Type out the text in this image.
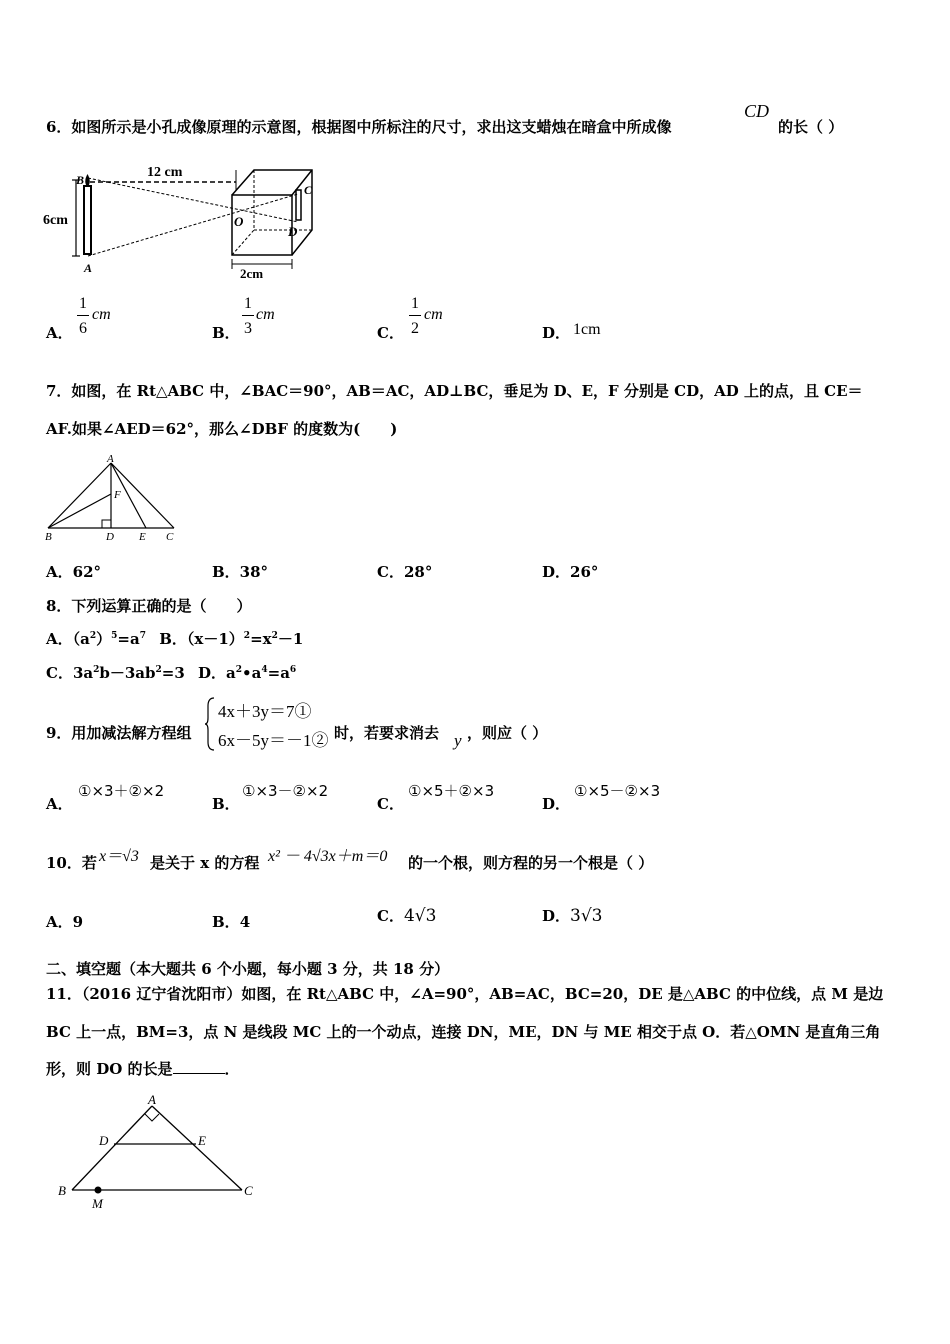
6．如图所示是小孔成像原理的示意图，根据图中所标注的尺寸，求出这支蜡烛在暗盒中所成像
CD
的长（ ）
12 cm
6cm
2cm
B
A
O
D
C
A．
1
6
cm
B．
1
3
cm
C．
1
2
cm
D． 1cm
7．如图，在 Rt△ABC 中，∠BAC＝90°，AB＝AC，AD⊥BC，垂足为 D、E，F 分别是 CD，AD 上的点，且 CE＝
AF.如果∠AED＝62°，那么∠DBF 的度数为(　　)
A
B	D E C
F
A．62°	B．38°	C．28°	D．26°
8．下列运算正确的是（　　）
A．$(a^2)^5=a^7$ B．$(x-1)^2=x^2-1$
C．$3a^2b-3ab^2=3$ D．$a^2•a^4=a^6$
9．用加减法解方程组
4x＋3y＝7①
6x－5y＝－1② 时，若要求消去 y ，则应（ ）
A．
①×3＋②×2
B．
①×3－②×2
C．
①×5＋②×3
D．
①×5－②×3
10．若 x＝√3 是关于 x 的方程 x² － 4√3x＋m＝0 的一个根，则方程的另一个根是（ ）
A．9	B．4	C．4√3	D．3√3
二、填空题（本大题共 6 个小题，每小题 3 分，共 18 分）
11．（2016 辽宁省沈阳市）如图，在 Rt△ABC 中，∠A=90°，AB=AC，BC=20，DE 是△ABC 的中位线，点 M 是边
BC 上一点，BM=3，点 N 是线段 MC 上的一个动点，连接 DN，ME，DN 与 ME 相交于点 O．若△OMN 是直角三角
形，则 DO 的长是	．
A
B	C
D	E
M
